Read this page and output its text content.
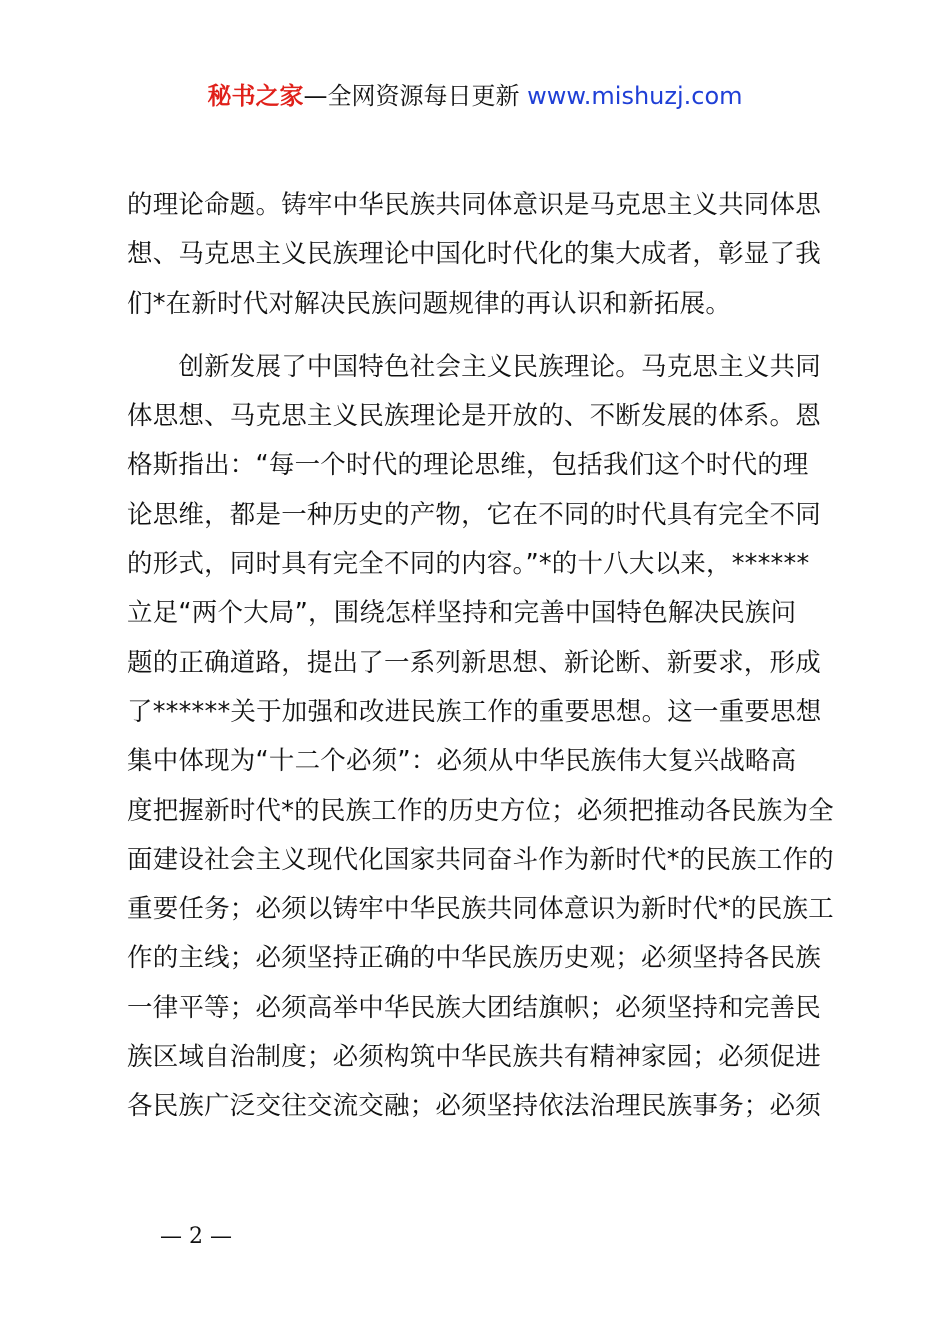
秘书之家—全网资源每日更新 www.mishuzj.com
的理论命题。铸牢中华民族共同体意识是马克思主义共同体思
想、马克思主义民族理论中国化时代化的集大成者，彰显了我
们*在新时代对解决民族问题规律的再认识和新拓展。
　　创新发展了中国特色社会主义民族理论。马克思主义共同
体思想、马克思主义民族理论是开放的、不断发展的体系。恩
格斯指出：“每一个时代的理论思维，包括我们这个时代的理
论思维，都是一种历史的产物，它在不同的时代具有完全不同
的形式，同时具有完全不同的内容。”*的十八大以来，******
立足“两个大局”，围绕怎样坚持和完善中国特色解决民族问
题的正确道路，提出了一系列新思想、新论断、新要求，形成
了******关于加强和改进民族工作的重要思想。这一重要思想
集中体现为“十二个必须”：必须从中华民族伟大复兴战略高
度把握新时代*的民族工作的历史方位；必须把推动各民族为全
面建设社会主义现代化国家共同奋斗作为新时代*的民族工作的
重要任务；必须以铸牢中华民族共同体意识为新时代*的民族工
作的主线；必须坚持正确的中华民族历史观；必须坚持各民族
一律平等；必须高举中华民族大团结旗帜；必须坚持和完善民
族区域自治制度；必须构筑中华民族共有精神家园；必须促进
各民族广泛交往交流交融；必须坚持依法治理民族事务；必须
— 2 —
